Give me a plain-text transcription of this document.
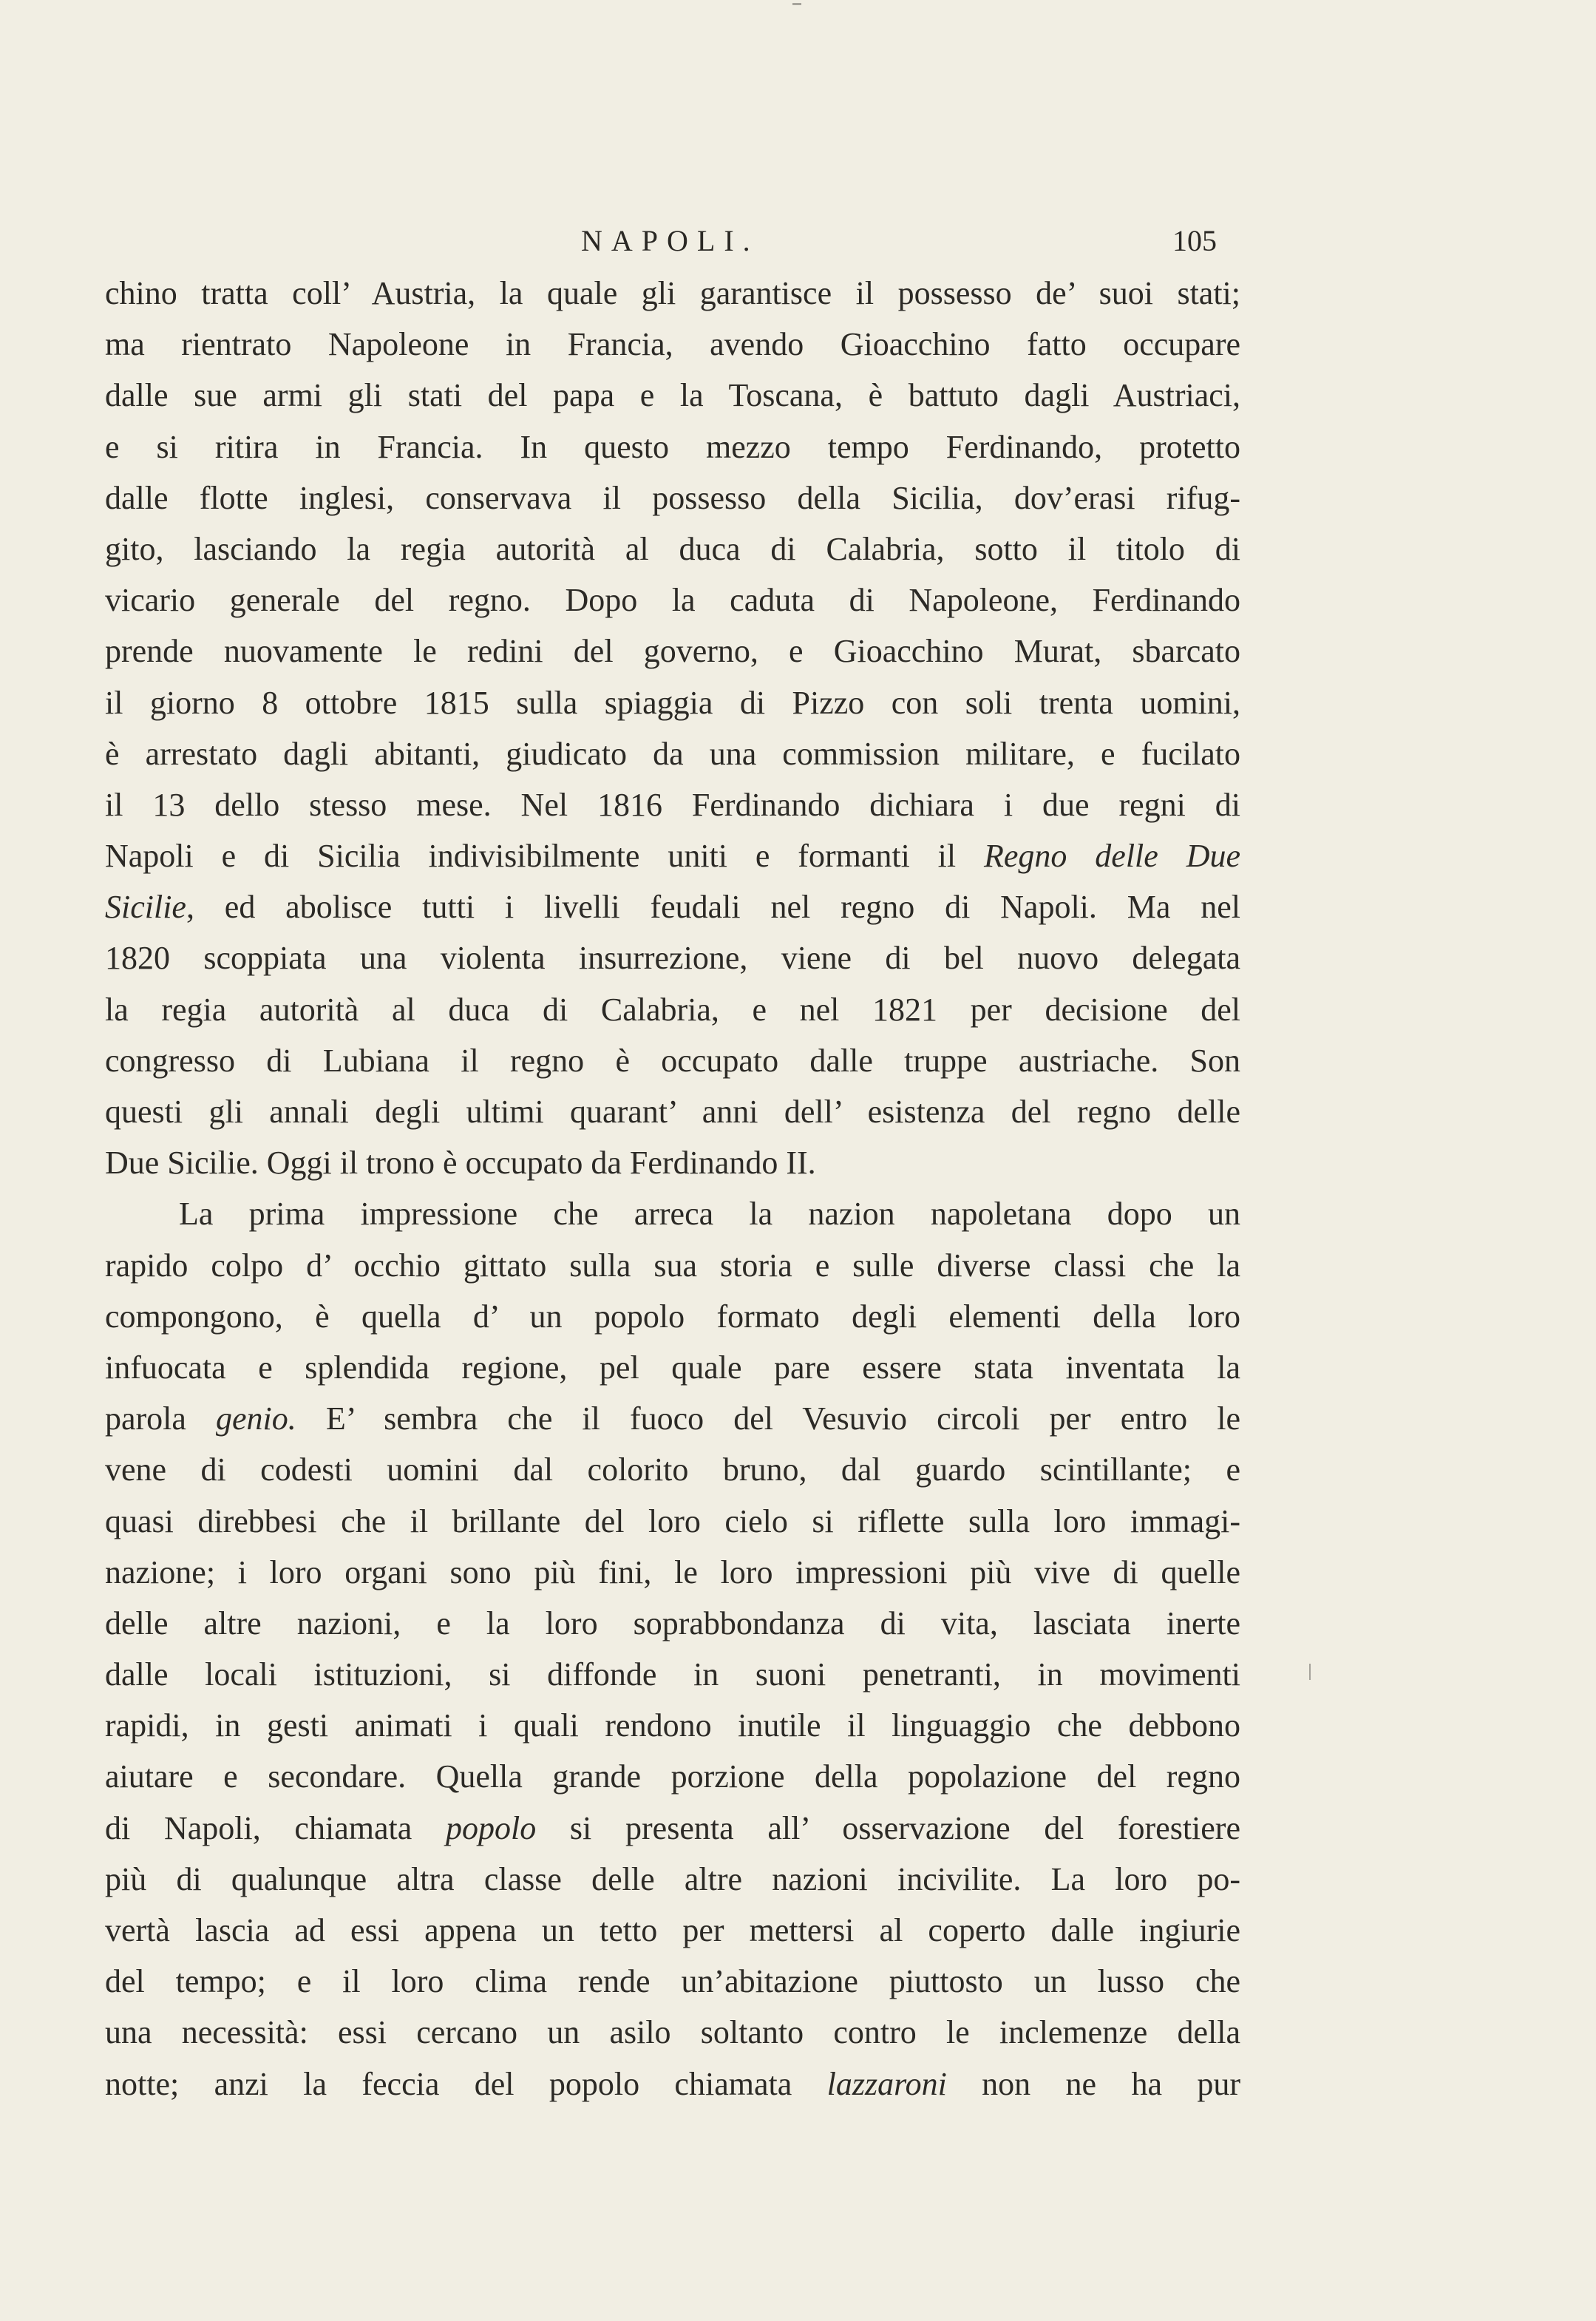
NAPOLI.	105
chino tratta coll’ Austria, la quale gli garantisce il possesso de’ suoi stati;
ma rientrato Napoleone in Francia, avendo Gioacchino fatto occupare
dalle sue armi gli stati del papa e la Toscana, è battuto dagli Austriaci,
e si ritira in Francia. In questo mezzo tempo Ferdinando, protetto
dalle flotte inglesi, conservava il possesso della Sicilia, dov’erasi rifug-
gito, lasciando la regia autorità al duca di Calabria, sotto il titolo di
vicario generale del regno. Dopo la caduta di Napoleone, Ferdinando
prende nuovamente le redini del governo, e Gioacchino Murat, sbarcato
il giorno 8 ottobre 1815 sulla spiaggia di Pizzo con soli trenta uomini,
è arrestato dagli abitanti, giudicato da una commission militare, e fucilato
il 13 dello stesso mese. Nel 1816 Ferdinando dichiara i due regni di
Napoli e di Sicilia indivisibilmente uniti e formanti il Regno delle Due
Sicilie, ed abolisce tutti i livelli feudali nel regno di Napoli. Ma nel
1820 scoppiata una violenta insurrezione, viene di bel nuovo delegata
la regia autorità al duca di Calabria, e nel 1821 per decisione del
congresso di Lubiana il regno è occupato dalle truppe austriache. Son
questi gli annali degli ultimi quarant’ anni dell’ esistenza del regno delle
Due Sicilie. Oggi il trono è occupato da Ferdinando II.
La prima impressione che arreca la nazion napoletana dopo un
rapido colpo d’ occhio gittato sulla sua storia e sulle diverse classi che la
compongono, è quella d’ un popolo formato degli elementi della loro
infuocata e splendida regione, pel quale pare essere stata inventata la
parola genio. E’ sembra che il fuoco del Vesuvio circoli per entro le
vene di codesti uomini dal colorito bruno, dal guardo scintillante; e
quasi direbbesi che il brillante del loro cielo si riflette sulla loro immagi-
nazione; i loro organi sono più fini, le loro impressioni più vive di quelle
delle altre nazioni, e la loro soprabbondanza di vita, lasciata inerte
dalle locali istituzioni, si diffonde in suoni penetranti, in movimenti
rapidi, in gesti animati i quali rendono inutile il linguaggio che debbono
aiutare e secondare. Quella grande porzione della popolazione del regno
di Napoli, chiamata popolo si presenta all’ osservazione del forestiere
più di qualunque altra classe delle altre nazioni incivilite. La loro po-
vertà lascia ad essi appena un tetto per mettersi al coperto dalle ingiurie
del tempo; e il loro clima rende un’abitazione piuttosto un lusso che
una necessità: essi cercano un asilo soltanto contro le inclemenze della
notte; anzi la feccia del popolo chiamata lazzaroni non ne ha pur
